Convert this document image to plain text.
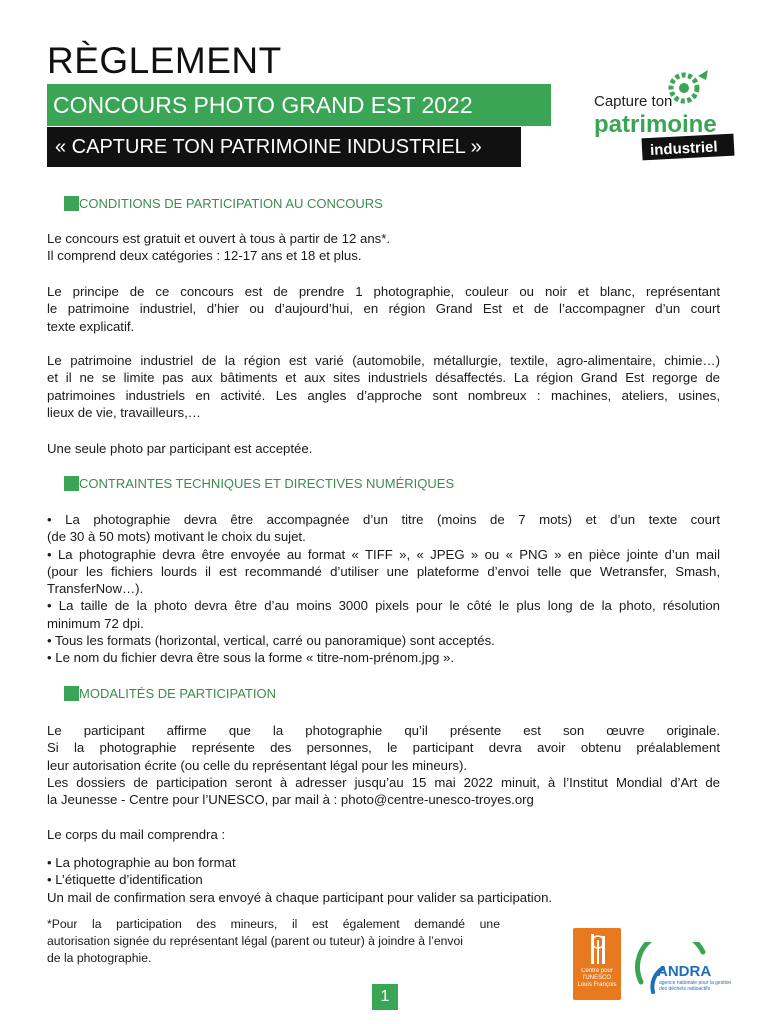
RÈGLEMENT
CONCOURS PHOTO GRAND EST 2022
« CAPTURE TON PATRIMOINE INDUSTRIEL »
Capture ton
patrimoine
industriel
CONDITIONS DE PARTICIPATION AU CONCOURS
Le concours est gratuit et ouvert à tous à partir de 12 ans*.
Il comprend deux catégories : 12-17 ans et 18 et plus.
Le principe de ce concours est de prendre 1 photographie, couleur ou noir et blanc, représentant
le patrimoine industriel, d’hier ou d’aujourd’hui, en région Grand Est et de l’accompagner d’un court
texte explicatif.
Le patrimoine industriel de la région est varié (automobile, métallurgie, textile, agro-alimentaire, chimie…)
et il ne se limite pas aux bâtiments et aux sites industriels désaffectés. La région Grand Est regorge de
patrimoines industriels en activité. Les angles d’approche sont nombreux : machines, ateliers, usines,
lieux de vie, travailleurs,…
Une seule photo par participant est acceptée.
CONTRAINTES TECHNIQUES ET DIRECTIVES NUMÉRIQUES
• La photographie devra être accompagnée d’un titre (moins de 7 mots) et d’un texte court
(de 30 à 50 mots) motivant le choix du sujet.
• La photographie devra être envoyée au format « TIFF », « JPEG » ou « PNG » en pièce jointe d’un mail
(pour les fichiers lourds il est recommandé d’utiliser une plateforme d’envoi telle que Wetransfer, Smash,
TransferNow…).
• La taille de la photo devra être d’au moins 3000 pixels pour le côté le plus long de la photo, résolution
minimum 72 dpi.
• Tous les formats (horizontal, vertical, carré ou panoramique) sont acceptés.
• Le nom du fichier devra être sous la forme « titre-nom-prénom.jpg ».
MODALITÉS DE PARTICIPATION
Le participant affirme que la photographie qu’il présente est son œuvre originale.
Si la photographie représente des personnes, le participant devra avoir obtenu préalablement
leur autorisation écrite (ou celle du représentant légal pour les mineurs).
Les dossiers de participation seront à adresser jusqu’au 15 mai 2022 minuit, à l’Institut Mondial d’Art de
la Jeunesse - Centre pour l’UNESCO, par mail à : photo@centre-unesco-troyes.org
Le corps du mail comprendra :
• La photographie au bon format
• L’étiquette d’identification
Un mail de confirmation sera envoyé à chaque participant pour valider sa participation.
*Pour la participation des mineurs, il est également demandé une
autorisation signée du représentant légal (parent ou tuteur) à joindre à l’envoi
de la photographie.
Centre pour l'UNESCO Louis François
ANDRA
agence nationale pour la gestion des déchets radioactifs
1
